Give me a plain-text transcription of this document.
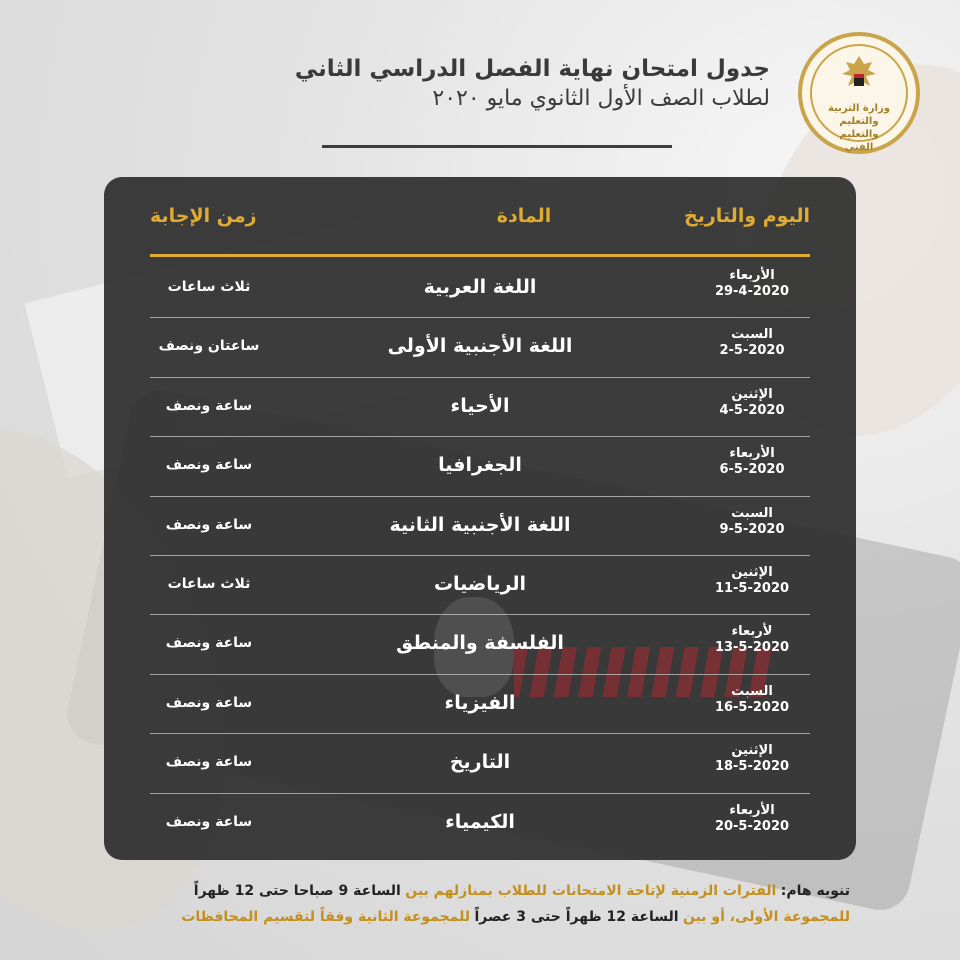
وزارة التربية والتعليم
والتعليم الفني
جدول امتحان نهاية الفصل الدراسي الثاني
لطلاب الصف الأول الثانوي مايو ٢٠٢٠
اليوم والتاريخ
المادة
زمن الإجابة
الأربعاء
29-4-2020
اللغة العربية
ثلاث ساعات
السبت
2-5-2020
اللغة الأجنبية الأولى
ساعتان ونصف
الإثنين
4-5-2020
الأحياء
ساعة ونصف
الأربعاء
6-5-2020
الجغرافيا
ساعة ونصف
السبت
9-5-2020
اللغة الأجنبية الثانية
ساعة ونصف
الإثنين
11-5-2020
الرياضيات
ثلاث ساعات
لأربعاء
13-5-2020
الفلسفة والمنطق
ساعة ونصف
السبت
16-5-2020
الفيزياء
ساعة ونصف
الإثنين
18-5-2020
التاريخ
ساعة ونصف
الأربعاء
20-5-2020
الكيمياء
ساعة ونصف
تنويه هام: الفترات الزمنية لإتاحة الامتحانات للطلاب بمنازلهم بين الساعة 9 صباحا حتى 12 ظهراً
للمجموعة الأولى، أو بين الساعة 12 ظهراً حتى 3 عصراً للمجموعة الثانية وفقاً لتقسيم المحافظات
